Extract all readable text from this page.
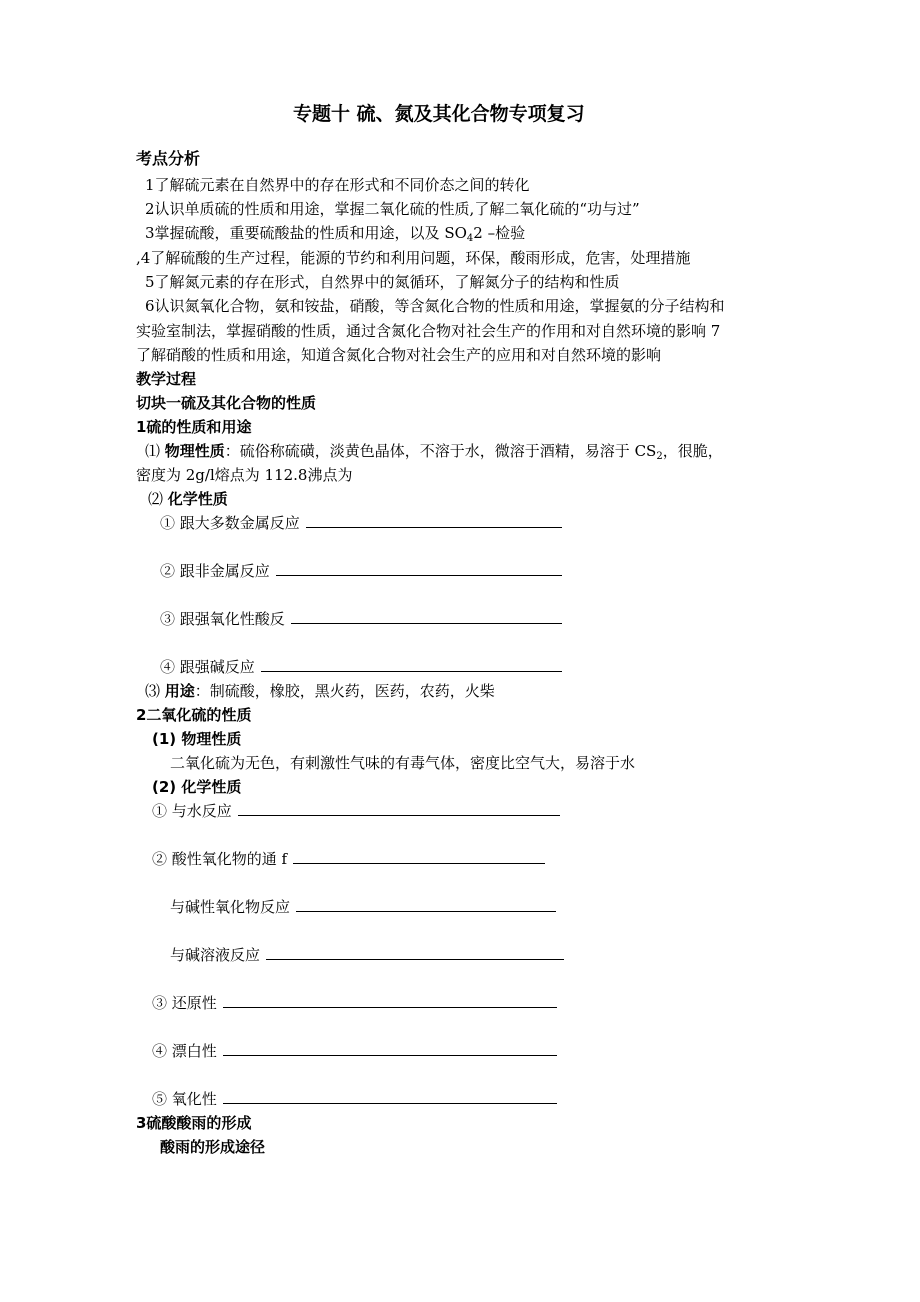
专题十 硫、氮及其化合物专项复习
考点分析
1了解硫元素在自然界中的存在形式和不同价态之间的转化
2认识单质硫的性质和用途，掌握二氧化硫的性质,了解二氧化硫的“功与过”
3掌握硫酸，重要硫酸盐的性质和用途，以及 $SO_42$ –检验
,4了解硫酸的生产过程，能源的节约和利用问题，环保，酸雨形成，危害，处理措施
5了解氮元素的存在形式，自然界中的氮循环，了解氮分子的结构和性质
6认识氮氧化合物，氨和铵盐，硝酸，等含氮化合物的性质和用途，掌握氨的分子结构和
实验室制法，掌握硝酸的性质，通过含氮化合物对社会生产的作用和对自然环境的影响 7
了解硝酸的性质和用途，知道含氮化合物对社会生产的应用和对自然环境的影响
教学过程
切块一硫及其化合物的性质
1硫的性质和用途
⑴ 物理性质：硫俗称硫磺，淡黄色晶体，不溶于水，微溶于酒精，易溶于 $CS_2$，很脆，
密度为 2g/l熔点为 112.8沸点为
⑵ 化学性质
① 跟大多数金属反应
② 跟非金属反应
③ 跟强氧化性酸反
④ 跟强碱反应
⑶ 用途：制硫酸，橡胶，黑火药，医药，农药，火柴
2二氧化硫的性质
(1) 物理性质
二氧化硫为无色，有刺激性气味的有毒气体，密度比空气大，易溶于水
(2) 化学性质
① 与水反应
② 酸性氧化物的通 f
与碱性氧化物反应
与碱溶液反应
③ 还原性
④ 漂白性
⑤ 氧化性
3硫酸酸雨的形成
酸雨的形成途径
